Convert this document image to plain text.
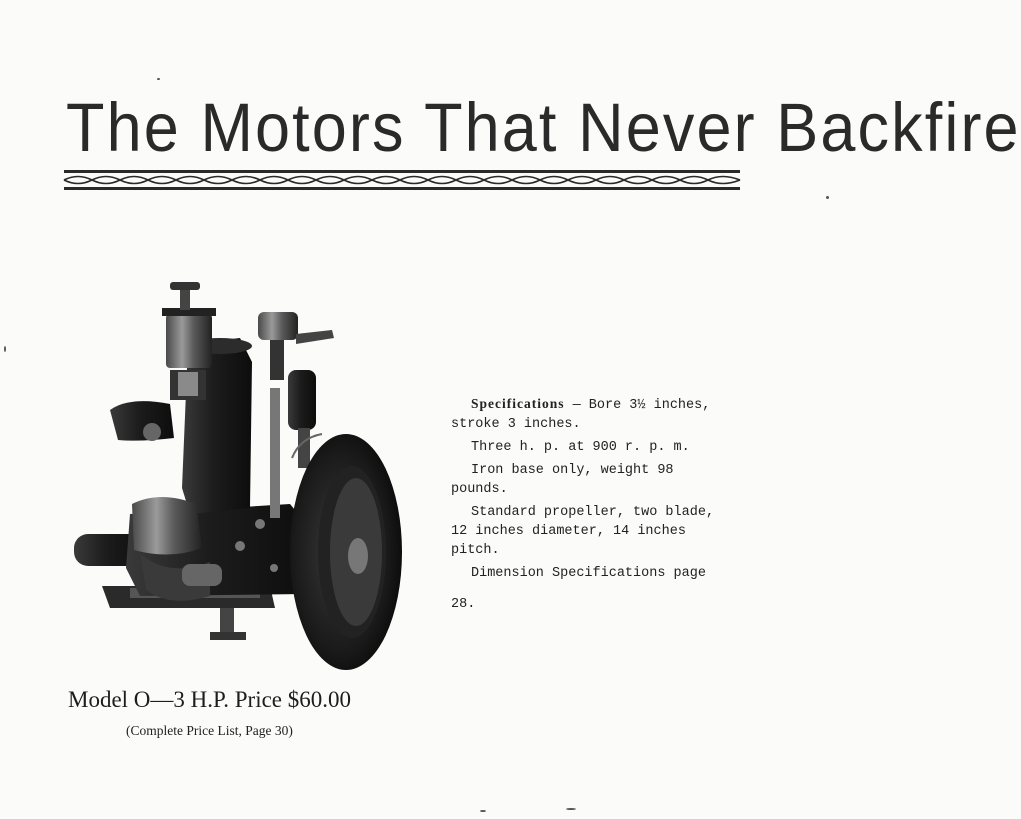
The Motors That Never Backfire
Model O—3 H.P. Price $60.00
(Complete Price List, Page 30)

Specifications — Bore 3½ inches, stroke 3 inches.

Three h. p. at 900 r. p. m.

Iron base only, weight 98 pounds.

Standard propeller, two blade, 12 inches diameter, 14 inches pitch.

Dimension Specifications page

28.
